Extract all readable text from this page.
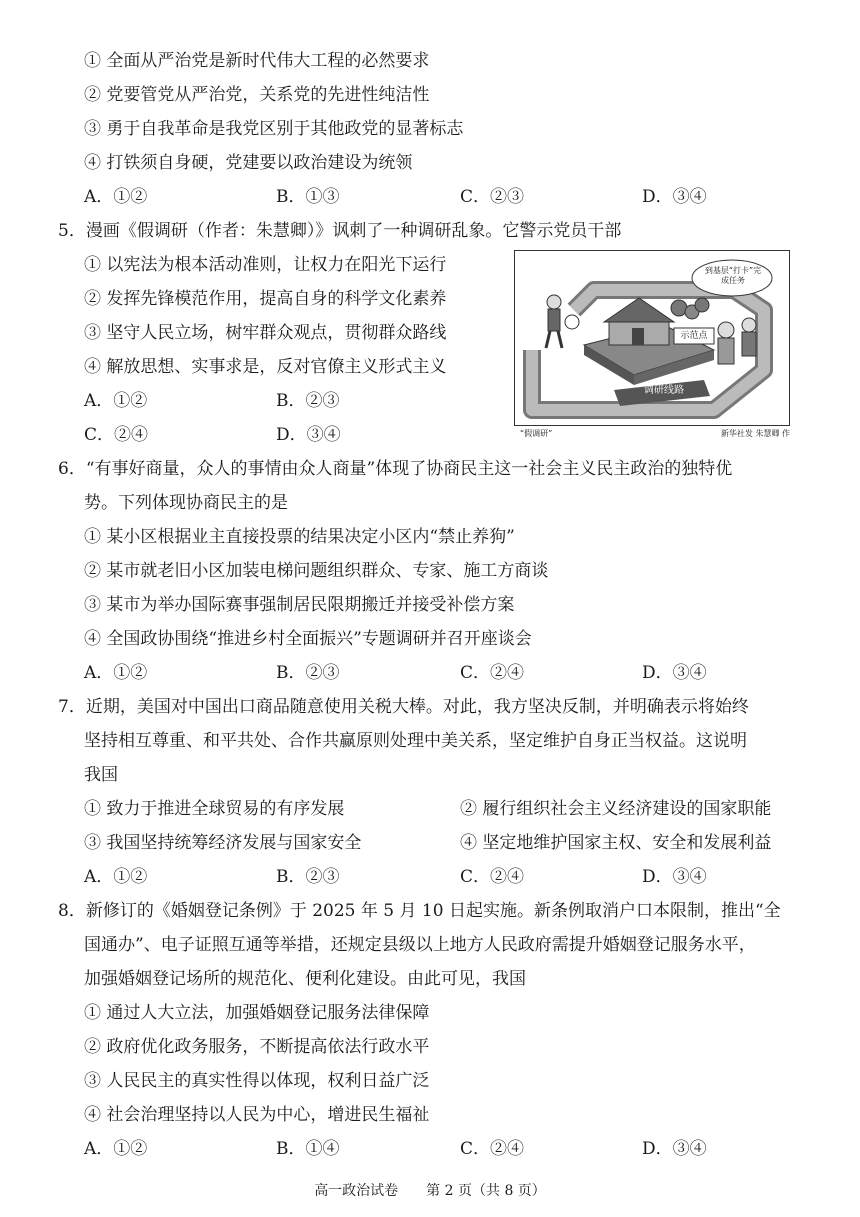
① 全面从严治党是新时代伟大工程的必然要求
② 党要管党从严治党，关系党的先进性纯洁性
③ 勇于自我革命是我党区别于其他政党的显著标志
④ 打铁须自身硬，党建要以政治建设为统领
A．①②	B．①③	C．②③	D．③④
5．漫画《假调研（作者：朱慧卿）》讽刺了一种调研乱象。它警示党员干部
① 以宪法为根本活动准则，让权力在阳光下运行
② 发挥先锋模范作用，提高自身的科学文化素养
③ 坚守人民立场，树牢群众观点，贯彻群众路线
④ 解放思想、实事求是，反对官僚主义形式主义
A．①②	B．②③
C．②④	D．③④
到基层“打卡”完成任务
示范点
调研线路
“假调研”	新华社发 朱慧卿 作
6．“有事好商量，众人的事情由众人商量”体现了协商民主这一社会主义民主政治的独特优
势。下列体现协商民主的是
① 某小区根据业主直接投票的结果决定小区内“禁止养狗”
② 某市就老旧小区加装电梯问题组织群众、专家、施工方商谈
③ 某市为举办国际赛事强制居民限期搬迁并接受补偿方案
④ 全国政协围绕“推进乡村全面振兴”专题调研并召开座谈会
A．①②	B．②③	C．②④	D．③④
7．近期，美国对中国出口商品随意使用关税大棒。对此，我方坚决反制，并明确表示将始终
坚持相互尊重、和平共处、合作共赢原则处理中美关系，坚定维护自身正当权益。这说明
我国
① 致力于推进全球贸易的有序发展	② 履行组织社会主义经济建设的国家职能
③ 我国坚持统筹经济发展与国家安全	④ 坚定地维护国家主权、安全和发展利益
A．①②	B．②③	C．②④	D．③④
8．新修订的《婚姻登记条例》于 2025 年 5 月 10 日起实施。新条例取消户口本限制，推出“全
国通办”、电子证照互通等举措，还规定县级以上地方人民政府需提升婚姻登记服务水平，
加强婚姻登记场所的规范化、便利化建设。由此可见，我国
① 通过人大立法，加强婚姻登记服务法律保障
② 政府优化政务服务，不断提高依法行政水平
③ 人民民主的真实性得以体现，权利日益广泛
④ 社会治理坚持以人民为中心，增进民生福祉
A．①②	B．①④	C．②④	D．③④
高一政治试卷　　第 2 页（共 8 页）
